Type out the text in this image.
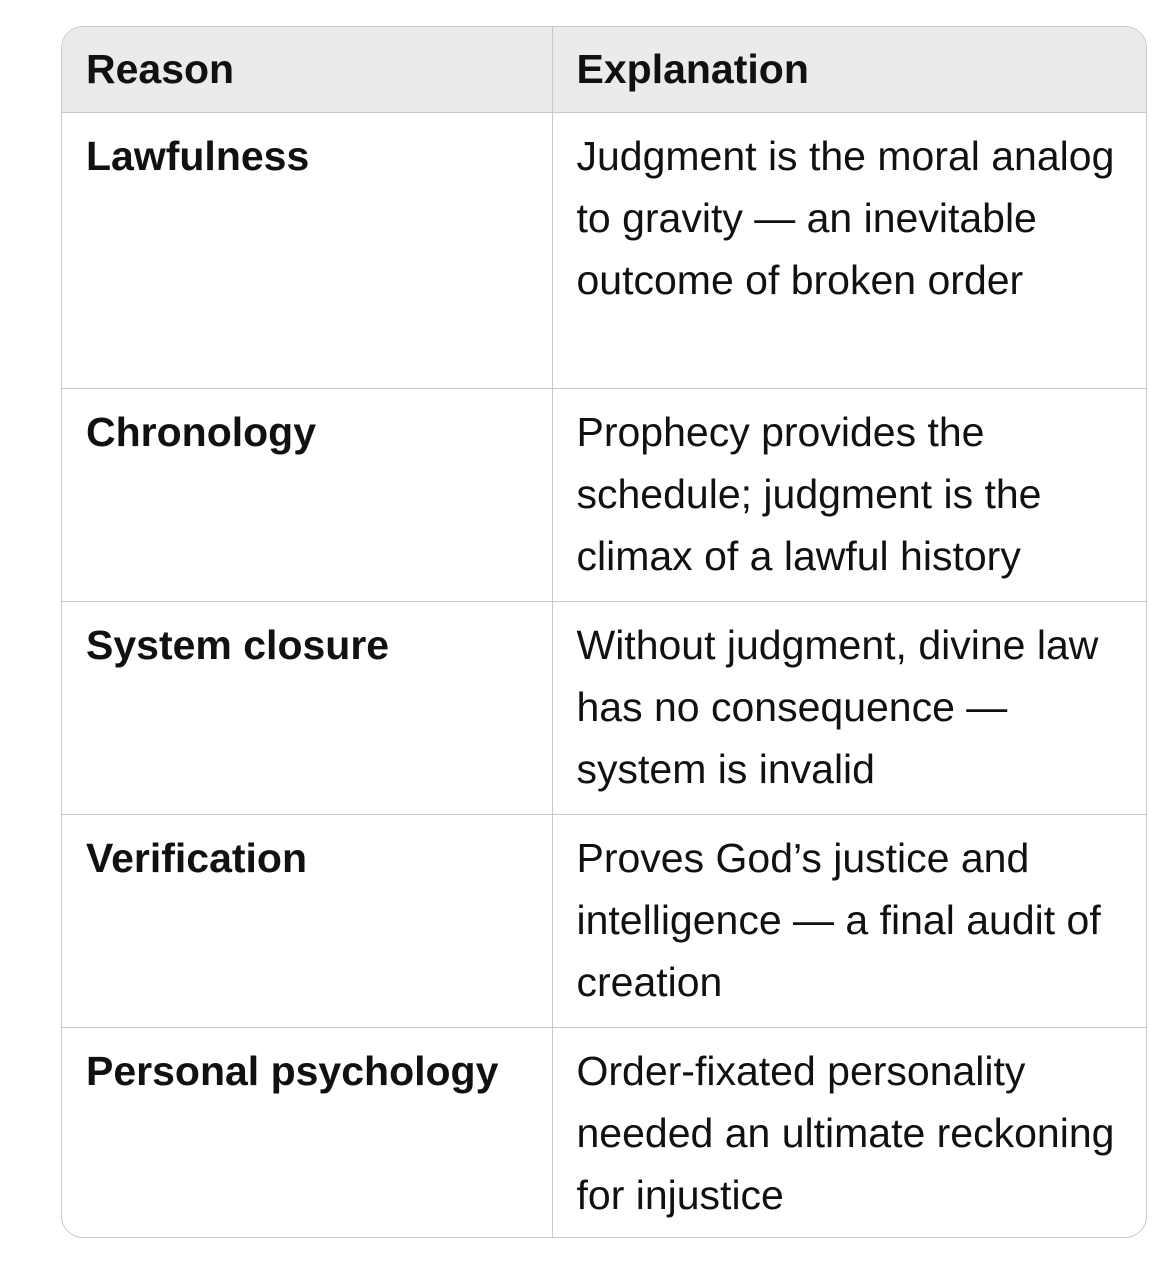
Reason	Explanation
Lawfulness	Judgment is the moral analog to gravity — an inevitable outcome of broken order
Chronology	Prophecy provides the schedule; judgment is the climax of a lawful history
System closure	Without judgment, divine law has no consequence — system is invalid
Verification	Proves God’s justice and intelligence — a final audit of creation
Personal psychology	Order-fixated personality needed an ultimate reckoning for injustice
